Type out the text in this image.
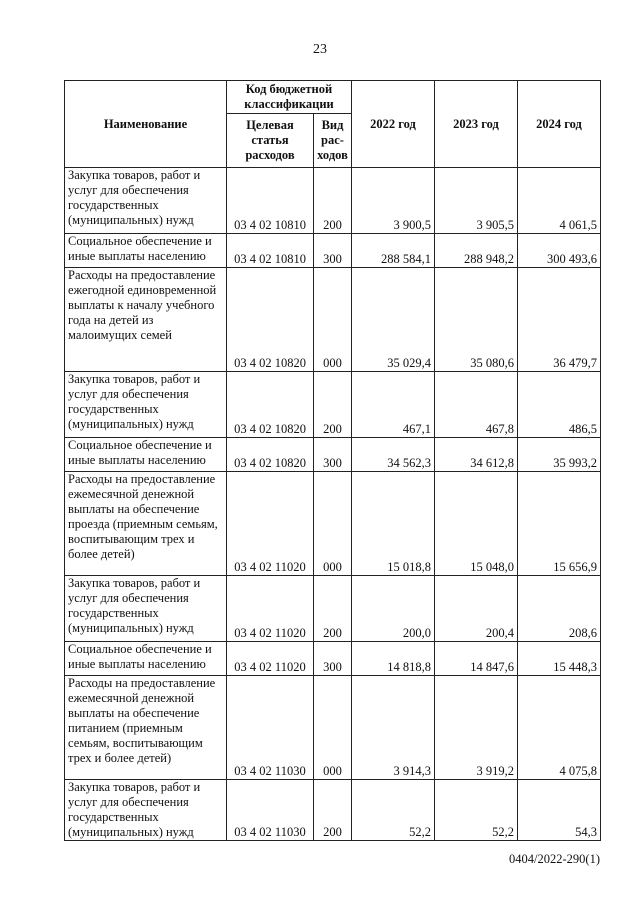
23
Наименование	Код бюджетной классификации		2022 год	2023 год	2024 год
	Целевая статья расходов	Вид рас-ходов			
Закупка товаров, работ и услуг для обеспечения государственных (муниципальных) нужд	03 4 02 10810	200	3 900,5	3 905,5	4 061,5
Социальное обеспечение и иные выплаты населению	03 4 02 10810	300	288 584,1	288 948,2	300 493,6
Расходы на предоставление ежегодной единовременной выплаты к началу учебного года на детей из малоимущих семей	03 4 02 10820	000	35 029,4	35 080,6	36 479,7
Закупка товаров, работ и услуг для обеспечения государственных (муниципальных) нужд	03 4 02 10820	200	467,1	467,8	486,5
Социальное обеспечение и иные выплаты населению	03 4 02 10820	300	34 562,3	34 612,8	35 993,2
Расходы на предоставление ежемесячной денежной выплаты на обеспечение проезда (приемным семьям, воспитывающим трех и более детей)	03 4 02 11020	000	15 018,8	15 048,0	15 656,9
Закупка товаров, работ и услуг для обеспечения государственных (муниципальных) нужд	03 4 02 11020	200	200,0	200,4	208,6
Социальное обеспечение и иные выплаты населению	03 4 02 11020	300	14 818,8	14 847,6	15 448,3
Расходы на предоставление ежемесячной денежной выплаты на обеспечение питанием (приемным семьям, воспитывающим трех и более детей)	03 4 02 11030	000	3 914,3	3 919,2	4 075,8
Закупка товаров, работ и услуг для обеспечения государственных (муниципальных) нужд	03 4 02 11030	200	52,2	52,2	54,3
0404/2022-290(1)
